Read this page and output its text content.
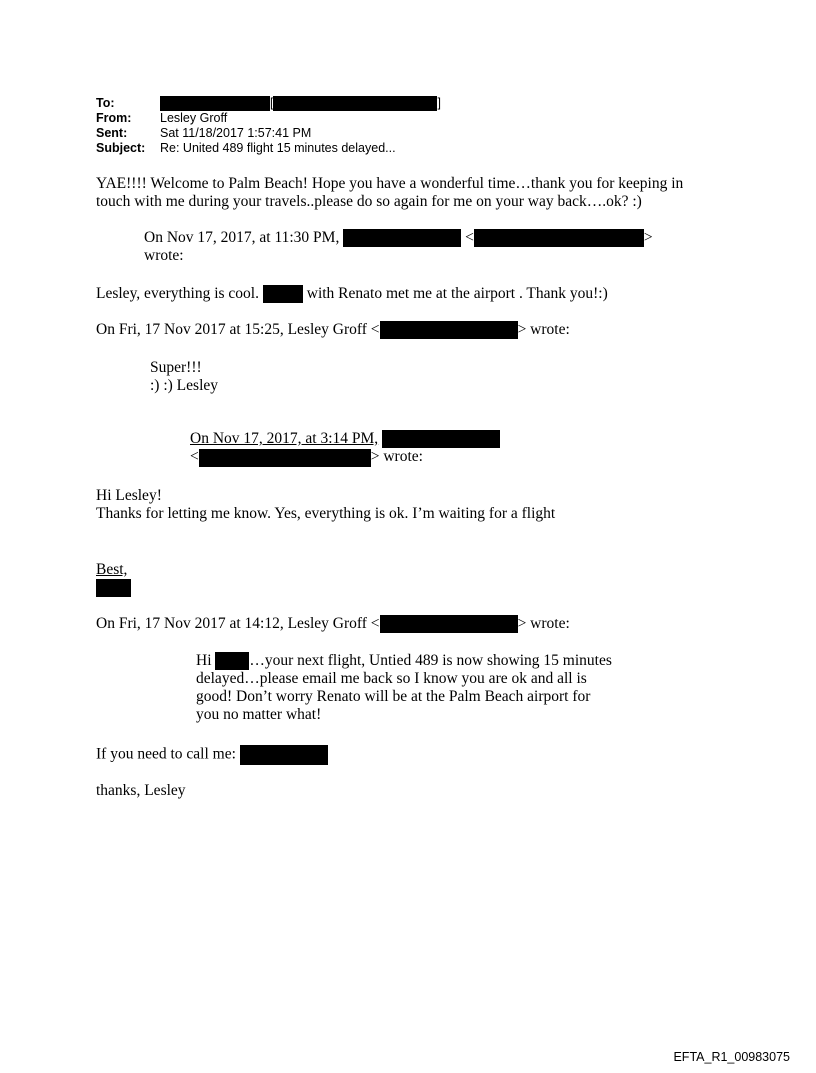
To:	[	]
From: Lesley Groff
Sent:	Sat 11/18/2017 1:57:41 PM
Subject: Re: United 489 flight 15 minutes delayed...
YAE!!!! Welcome to Palm Beach! Hope you have a wonderful time…thank you for keeping in
touch with me during your travels..please do so again for me on your way back….ok? :)
On Nov 17, 2017, at 11:30 PM,	<	>
wrote:
Lesley, everything is cool.	with Renato met me at the airport . Thank you!:)
On Fri, 17 Nov 2017 at 15:25, Lesley Groff <	> wrote:
Super!!!
:) :) Lesley
On Nov 17, 2017, at 3:14 PM,
<	> wrote:
Hi Lesley!
Thanks for letting me know. Yes, everything is ok. I’m waiting for a flight
Best,
On Fri, 17 Nov 2017 at 14:12, Lesley Groff <	> wrote:
Hi …your next flight, Untied 489 is now showing 15 minutes
delayed…please email me back so I know you are ok and all is
good! Don’t worry Renato will be at the Palm Beach airport for
you no matter what!
If you need to call me:
thanks, Lesley
EFTA_R1_00983075
